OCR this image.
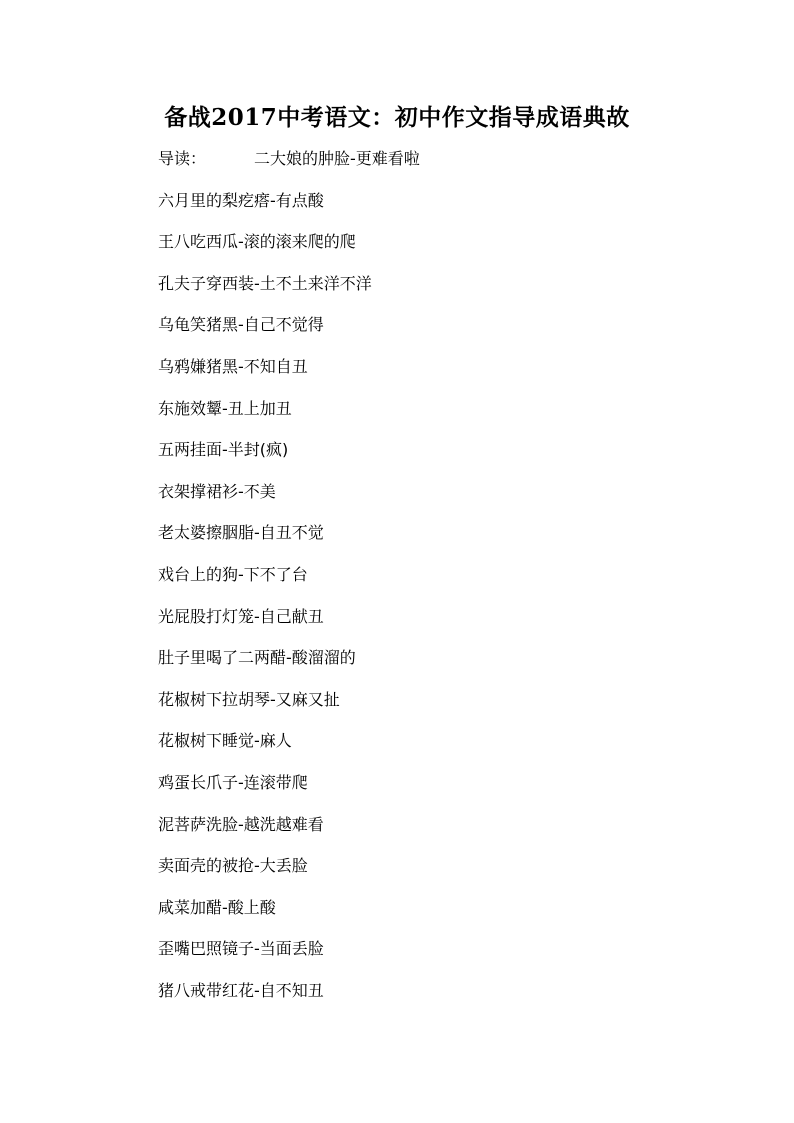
备战2017中考语文：初中作文指导成语典故
导读：	二大娘的肿脸-更难看啦
六月里的梨疙瘩-有点酸
王八吃西瓜-滚的滚来爬的爬
孔夫子穿西装-土不土来洋不洋
乌龟笑猪黑-自己不觉得
乌鸦嫌猪黑-不知自丑
东施效颦-丑上加丑
五两挂面-半封(疯)
衣架撑裙衫-不美
老太婆擦胭脂-自丑不觉
戏台上的狗-下不了台
光屁股打灯笼-自己献丑
肚子里喝了二两醋-酸溜溜的
花椒树下拉胡琴-又麻又扯
花椒树下睡觉-麻人
鸡蛋长爪子-连滚带爬
泥菩萨洗脸-越洗越难看
卖面壳的被抢-大丢脸
咸菜加醋-酸上酸
歪嘴巴照镜子-当面丢脸
猪八戒带红花-自不知丑
